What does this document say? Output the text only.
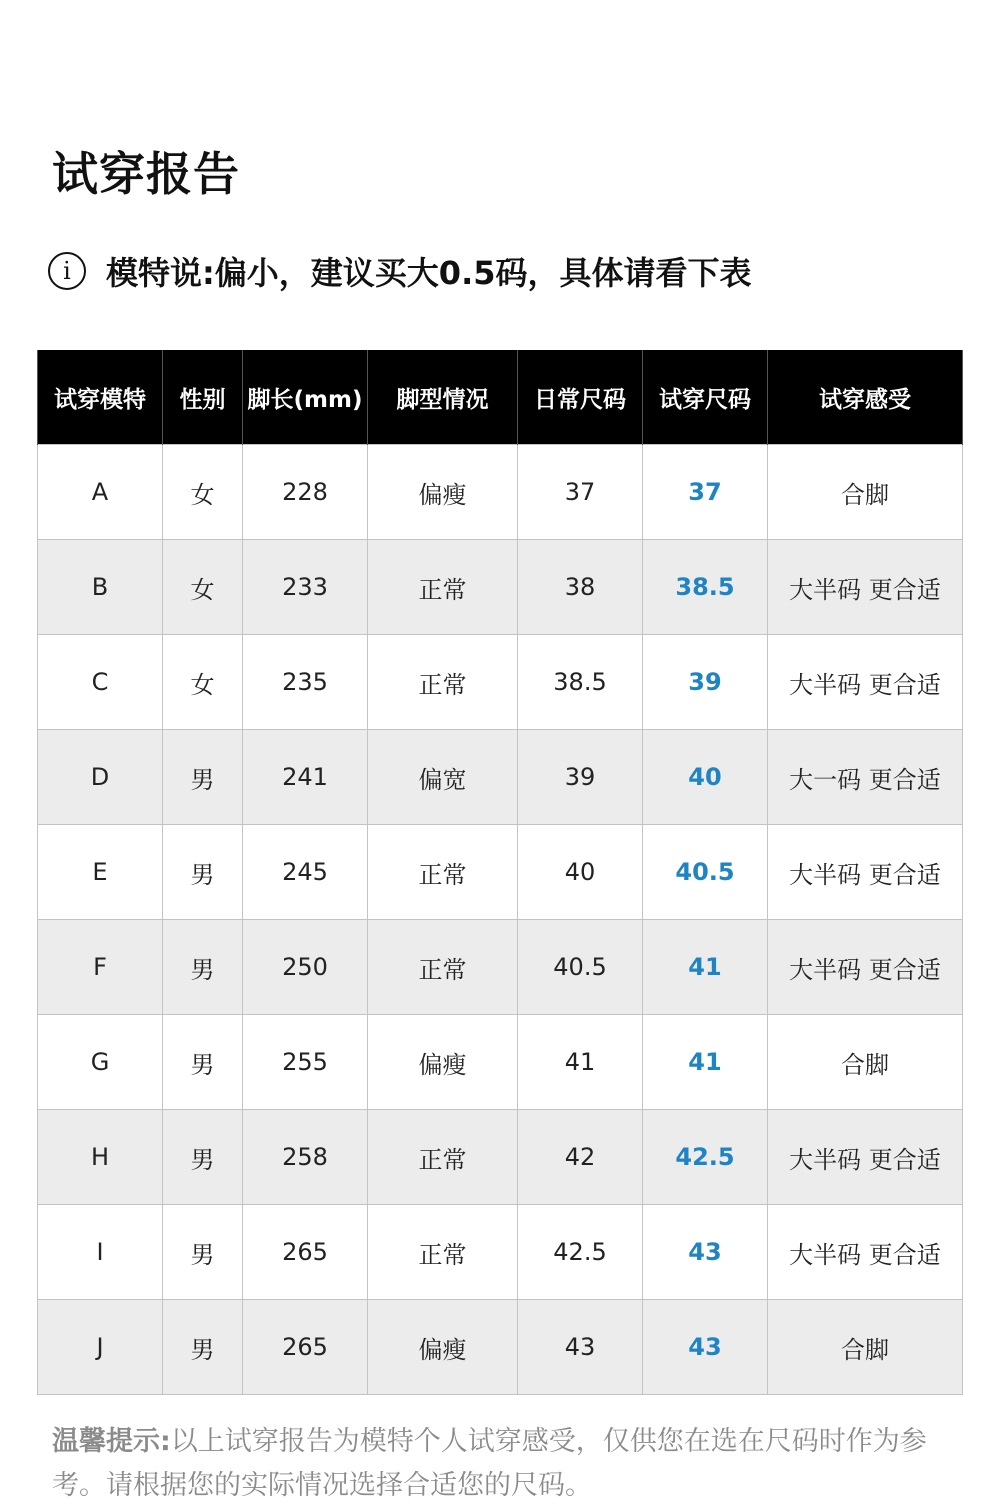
试穿报告
i	模特说:偏小，建议买大0.5码，具体请看下表
试穿模特	性别	脚长(mm)	脚型情况	日常尺码	试穿尺码	试穿感受
A	女	228	偏瘦	37	37	合脚
B	女	233	正常	38	38.5	大半码 更合适
C	女	235	正常	38.5	39	大半码 更合适
D	男	241	偏宽	39	40	大一码 更合适
E	男	245	正常	40	40.5	大半码 更合适
F	男	250	正常	40.5	41	大半码 更合适
G	男	255	偏瘦	41	41	合脚
H	男	258	正常	42	42.5	大半码 更合适
I	男	265	正常	42.5	43	大半码 更合适
J	男	265	偏瘦	43	43	合脚
温馨提示:以上试穿报告为模特个人试穿感受，仅供您在选在尺码时作为参考。请根据您的实际情况选择合适您的尺码。
